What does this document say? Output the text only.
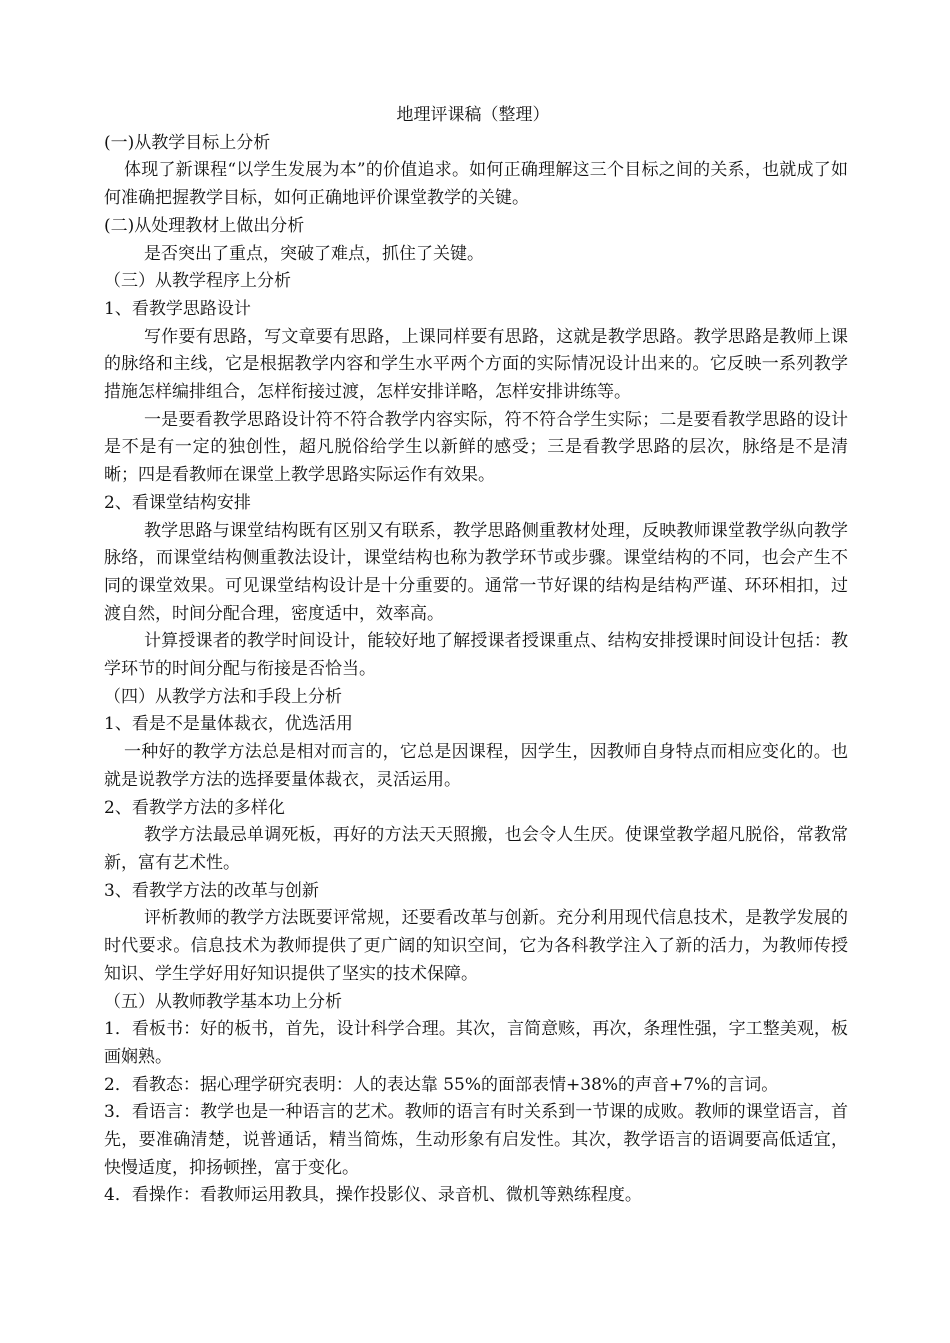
地理评课稿（整理）

(一)从教学目标上分析

体现了新课程“以学生发展为本”的价值追求。如何正确理解这三个目标之间的关系，也就成了如何准确把握教学目标，如何正确地评价课堂教学的关键。

(二)从处理教材上做出分析

是否突出了重点，突破了难点，抓住了关键。

（三）从教学程序上分析

1、看教学思路设计

写作要有思路，写文章要有思路，上课同样要有思路，这就是教学思路。教学思路是教师上课的脉络和主线，它是根据教学内容和学生水平两个方面的实际情况设计出来的。它反映一系列教学措施怎样编排组合，怎样衔接过渡，怎样安排详略，怎样安排讲练等。

一是要看教学思路设计符不符合教学内容实际，符不符合学生实际；二是要看教学思路的设计是不是有一定的独创性，超凡脱俗给学生以新鲜的感受；三是看教学思路的层次，脉络是不是清晰；四是看教师在课堂上教学思路实际运作有效果。

2、看课堂结构安排

教学思路与课堂结构既有区别又有联系，教学思路侧重教材处理，反映教师课堂教学纵向教学脉络，而课堂结构侧重教法设计，课堂结构也称为教学环节或步骤。课堂结构的不同，也会产生不同的课堂效果。可见课堂结构设计是十分重要的。通常一节好课的结构是结构严谨、环环相扣，过渡自然，时间分配合理，密度适中，效率高。

计算授课者的教学时间设计，能较好地了解授课者授课重点、结构安排授课时间设计包括：教学环节的时间分配与衔接是否恰当。

（四）从教学方法和手段上分析

1、看是不是量体裁衣，优选活用

一种好的教学方法总是相对而言的，它总是因课程，因学生，因教师自身特点而相应变化的。也就是说教学方法的选择要量体裁衣，灵活运用。

2、看教学方法的多样化

教学方法最忌单调死板，再好的方法天天照搬，也会令人生厌。使课堂教学超凡脱俗，常教常新，富有艺术性。

3、看教学方法的改革与创新

评析教师的教学方法既要评常规，还要看改革与创新。充分利用现代信息技术，是教学发展的时代要求。信息技术为教师提供了更广阔的知识空间，它为各科教学注入了新的活力，为教师传授知识、学生学好用好知识提供了坚实的技术保障。

（五）从教师教学基本功上分析

1．看板书：好的板书，首先，设计科学合理。其次，言简意赅，再次，条理性强，字工整美观，板画娴熟。

2．看教态：据心理学研究表明：人的表达靠 55%的面部表情+38%的声音+7%的言词。

3．看语言：教学也是一种语言的艺术。教师的语言有时关系到一节课的成败。教师的课堂语言，首先，要准确清楚，说普通话，精当简炼，生动形象有启发性。其次，教学语言的语调要高低适宜，快慢适度，抑扬顿挫，富于变化。

4．看操作：看教师运用教具，操作投影仪、录音机、微机等熟练程度。
